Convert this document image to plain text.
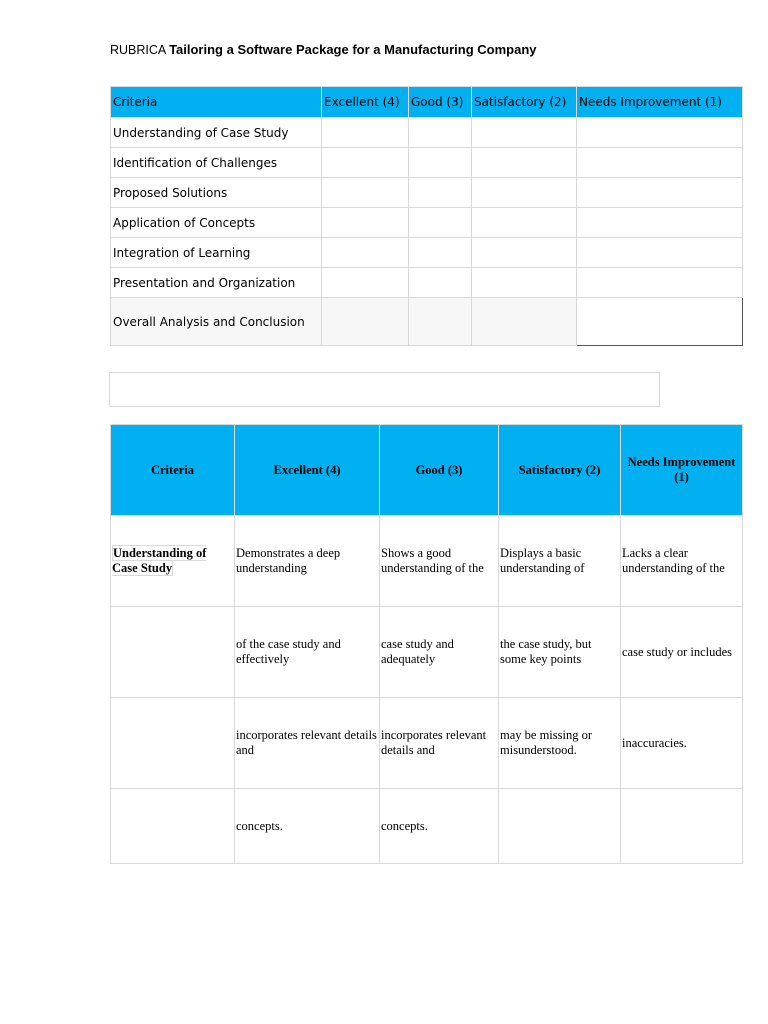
RUBRICA Tailoring a Software Package for a Manufacturing Company
Criteria	Excellent (4)	Good (3)	Satisfactory (2)	Needs Improvement (1)
Understanding of Case Study				
Identification of Challenges				
Proposed Solutions				
Application of Concepts				
Integration of Learning				
Presentation and Organization				
Overall Analysis and Conclusion				
Criteria	Excellent (4)	Good (3)	Satisfactory (2)	Needs Improvement (1)
Understanding of Case Study	Demonstrates a deep understanding	Shows a good understanding of the	Displays a basic understanding of	Lacks a clear understanding of the
	of the case study and effectively	case study and adequately	the case study, but some key points	case study or includes
	incorporates relevant details and	incorporates relevant details and	may be missing or misunderstood.	inaccuracies.
	concepts.	concepts.		
